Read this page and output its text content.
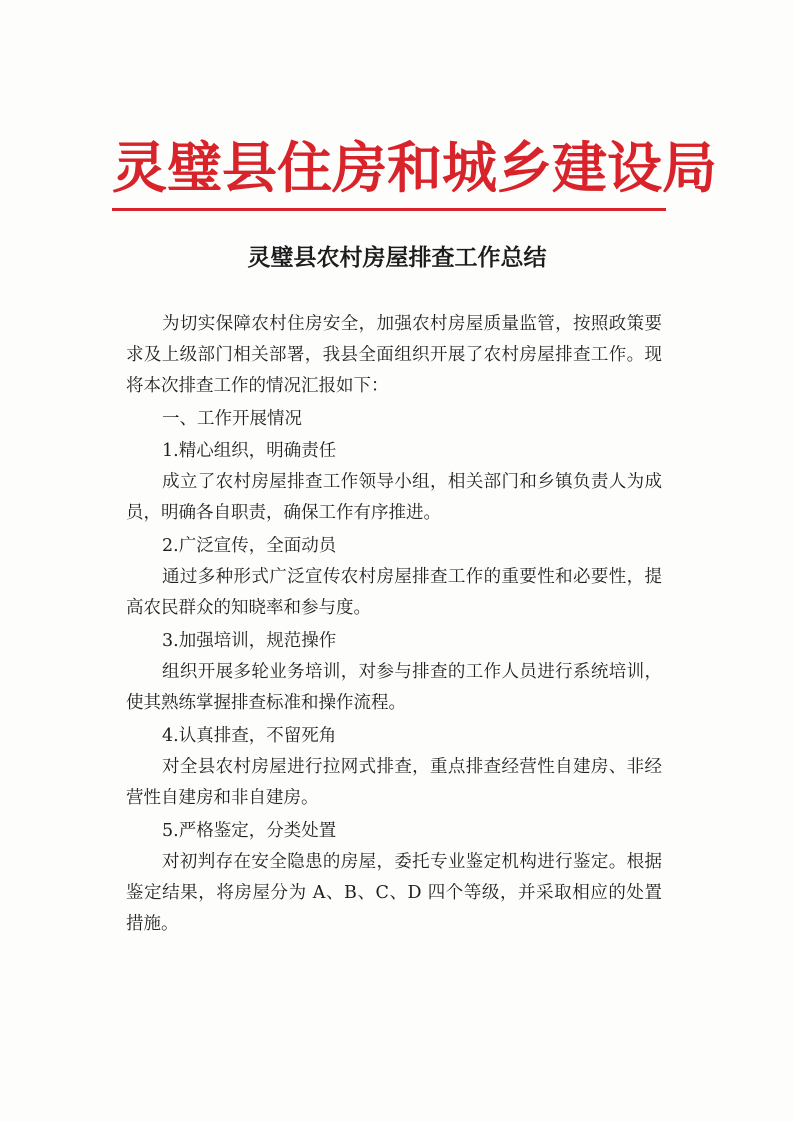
灵璧县住房和城乡建设局
灵璧县农村房屋排查工作总结
为切实保障农村住房安全，加强农村房屋质量监管，按照政策要求及上级部门相关部署，我县全面组织开展了农村房屋排查工作。现将本次排查工作的情况汇报如下：
一、工作开展情况
1.精心组织，明确责任
成立了农村房屋排查工作领导小组，相关部门和乡镇负责人为成员，明确各自职责，确保工作有序推进。
2.广泛宣传，全面动员
通过多种形式广泛宣传农村房屋排查工作的重要性和必要性，提高农民群众的知晓率和参与度。
3.加强培训，规范操作
组织开展多轮业务培训，对参与排查的工作人员进行系统培训，使其熟练掌握排查标准和操作流程。
4.认真排查，不留死角
对全县农村房屋进行拉网式排查，重点排查经营性自建房、非经营性自建房和非自建房。
5.严格鉴定，分类处置
对初判存在安全隐患的房屋，委托专业鉴定机构进行鉴定。根据鉴定结果，将房屋分为 A、B、C、D 四个等级，并采取相应的处置措施。
